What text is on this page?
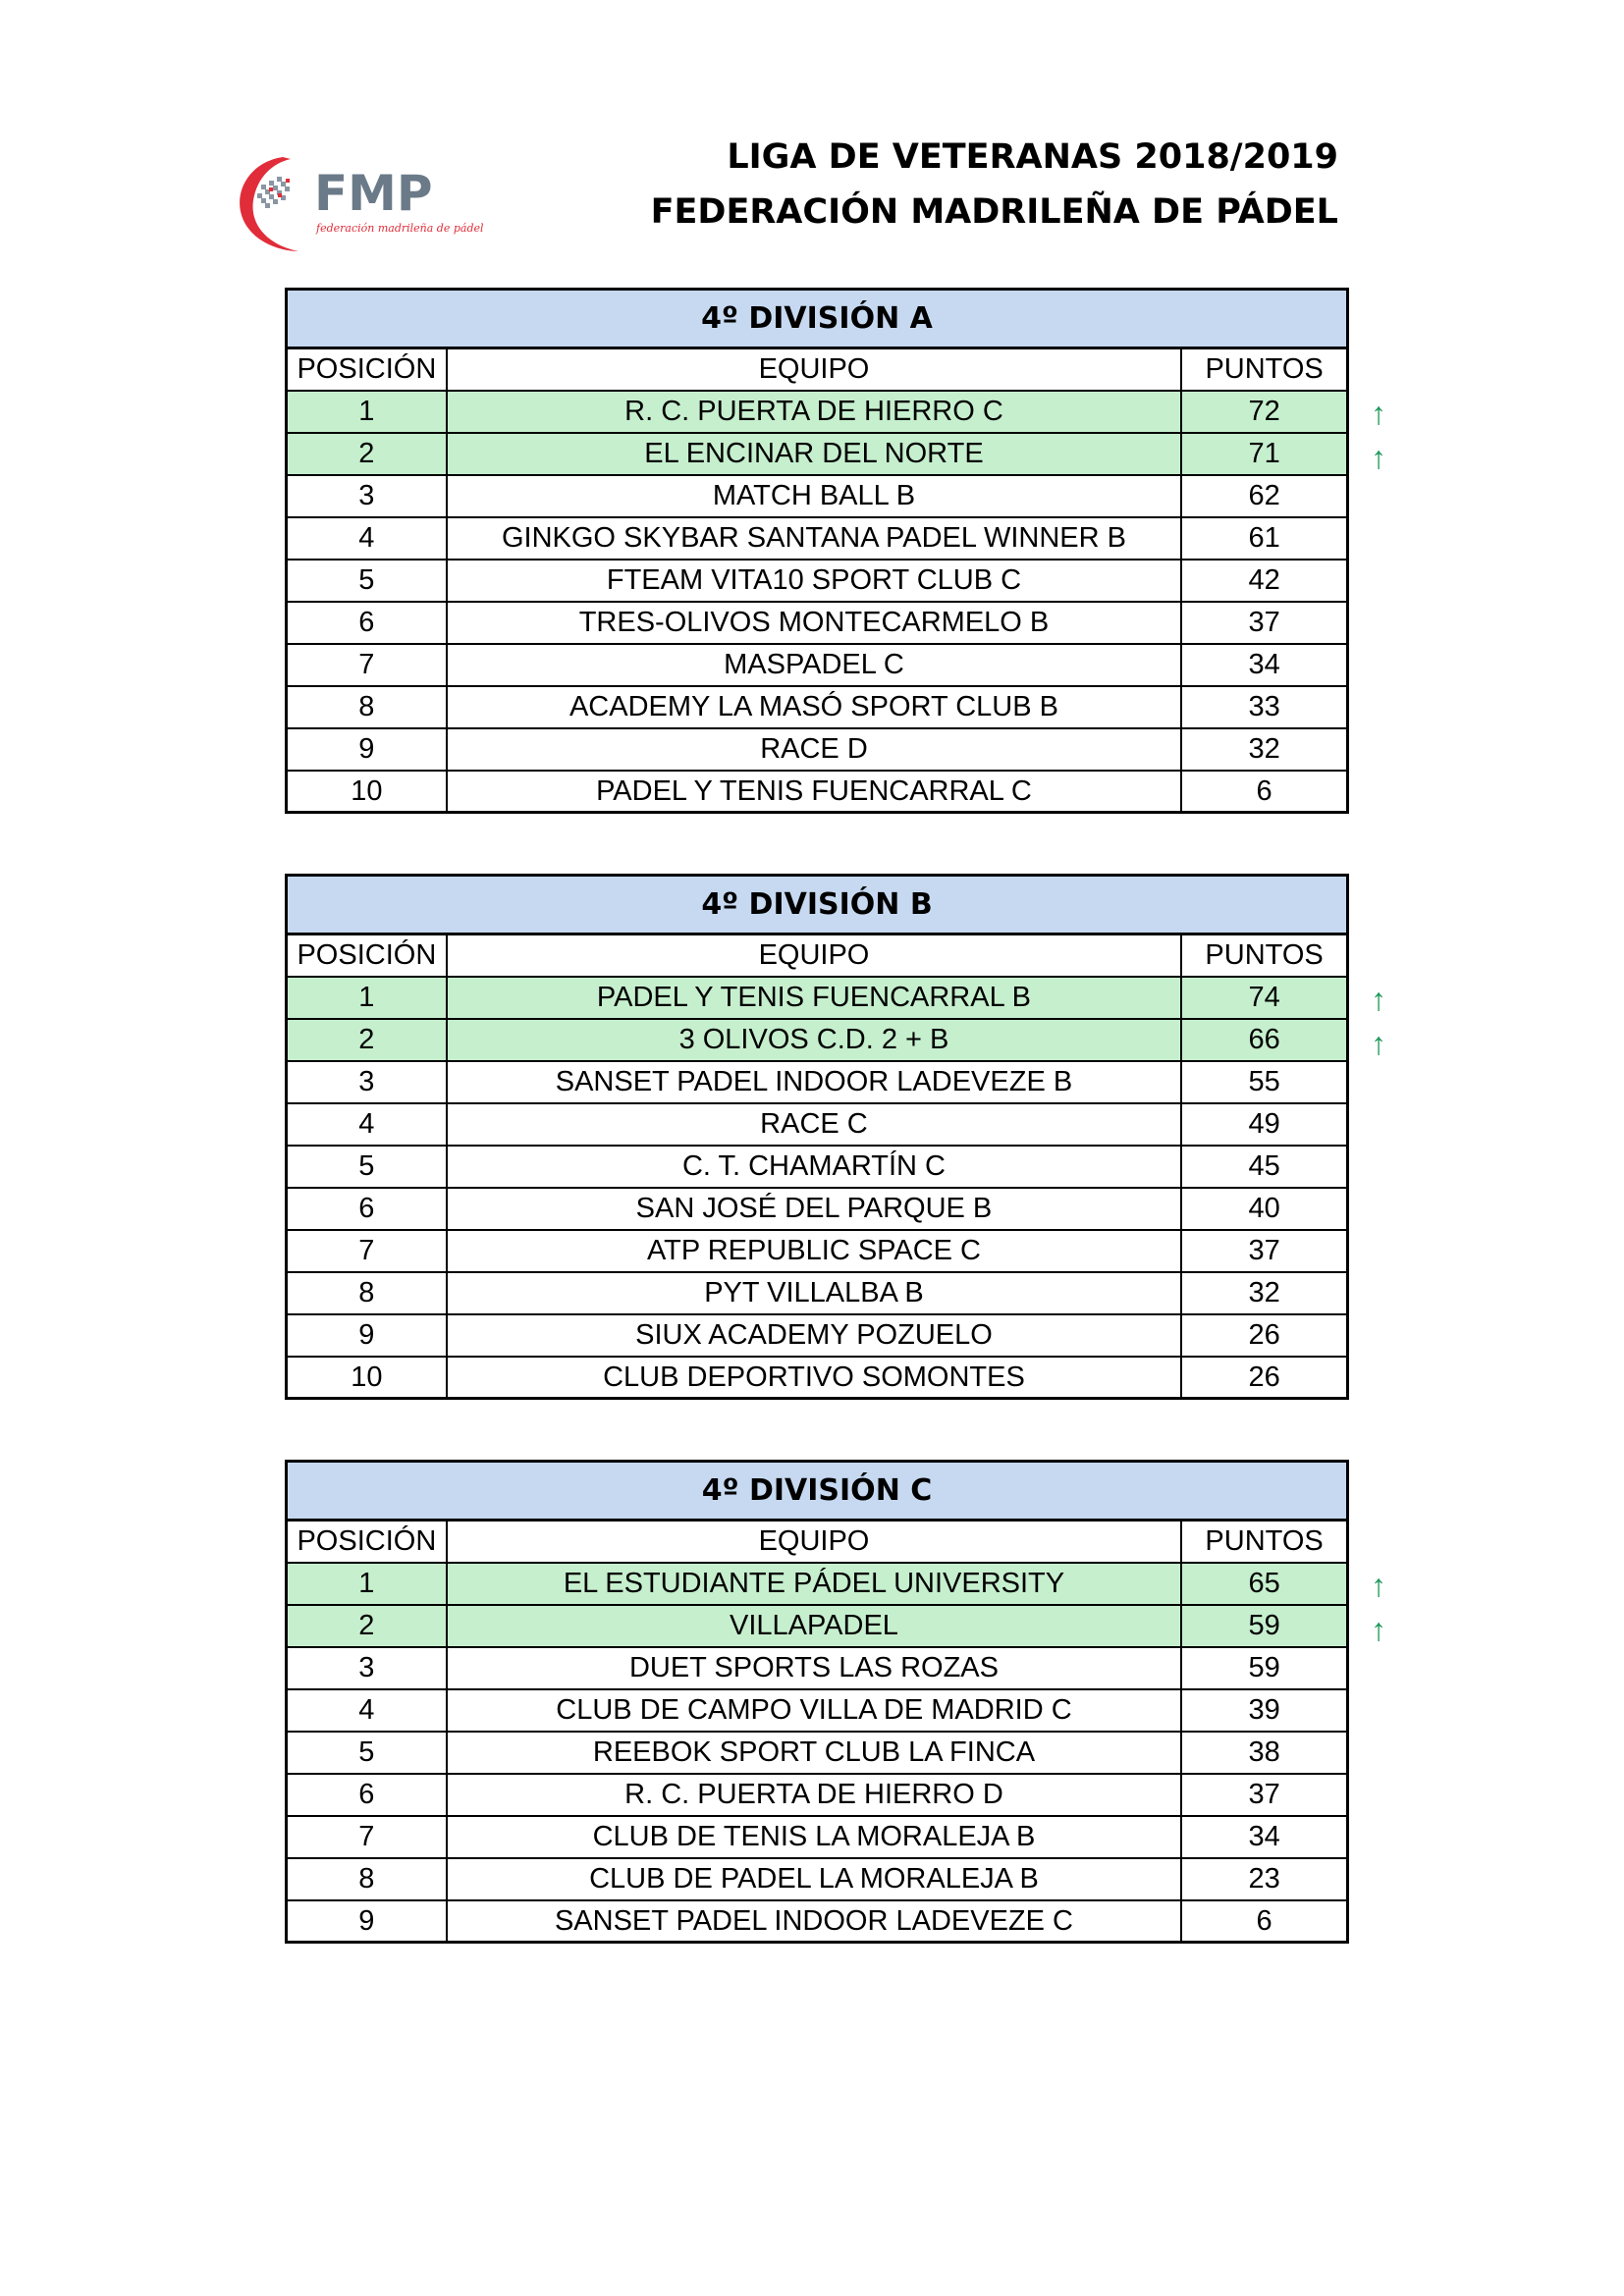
FMP
federación madrileña de pádel
LIGA DE VETERANAS 2018/2019
FEDERACIÓN MADRILEÑA DE PÁDEL
4º DIVISIÓN A		
POSICIÓN	EQUIPO	PUNTOS
1	R. C. PUERTA DE HIERRO C	72
2	EL ENCINAR DEL NORTE	71
3	MATCH BALL B	62
4	GINKGO SKYBAR SANTANA PADEL WINNER B	61
5	FTEAM VITA10 SPORT CLUB C	42
6	TRES-OLIVOS MONTECARMELO B	37
7	MASPADEL C	34
8	ACADEMY LA MASÓ SPORT CLUB B	33
9	RACE D	32
10	PADEL Y TENIS FUENCARRAL C	6
↑
↑
4º DIVISIÓN B		
POSICIÓN	EQUIPO	PUNTOS
1	PADEL Y TENIS FUENCARRAL B	74
2	3 OLIVOS C.D. 2 + B	66
3	SANSET PADEL INDOOR LADEVEZE B	55
4	RACE C	49
5	C. T. CHAMARTÍN C	45
6	SAN JOSÉ DEL PARQUE B	40
7	ATP REPUBLIC SPACE C	37
8	PYT VILLALBA B	32
9	SIUX ACADEMY POZUELO	26
10	CLUB DEPORTIVO SOMONTES	26
↑
↑
4º DIVISIÓN C		
POSICIÓN	EQUIPO	PUNTOS
1	EL ESTUDIANTE PÁDEL UNIVERSITY	65
2	VILLAPADEL	59
3	DUET SPORTS LAS ROZAS	59
4	CLUB DE CAMPO VILLA DE MADRID C	39
5	REEBOK SPORT CLUB LA FINCA	38
6	R. C. PUERTA DE HIERRO D	37
7	CLUB DE TENIS LA MORALEJA B	34
8	CLUB DE PADEL LA MORALEJA B	23
9	SANSET PADEL INDOOR LADEVEZE C	6
↑
↑
